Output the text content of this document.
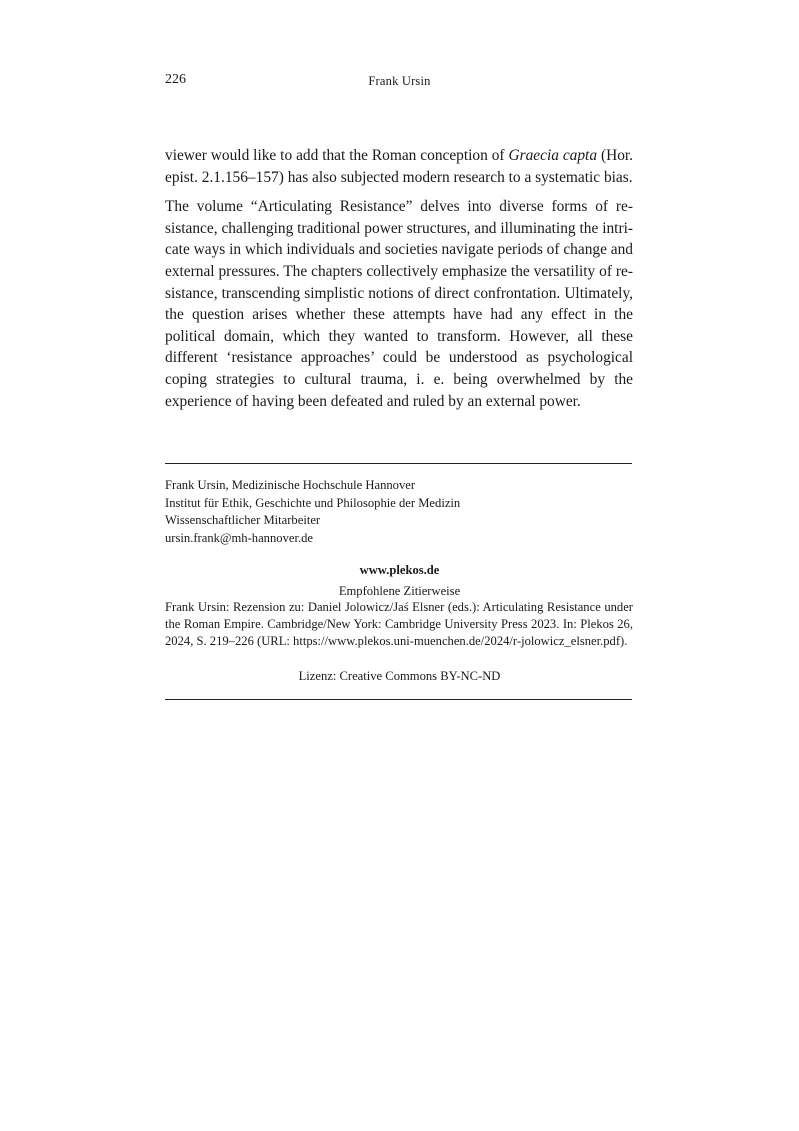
226	Frank Ursin

viewer would like to add that the Roman conception of Graecia capta (Hor. epist. 2.1.156–157) has also subjected modern research to a systematic bias.

The volume “Articulating Resistance” delves into diverse forms of resistance, challenging traditional power structures, and illuminating the intricate ways in which individuals and societies navigate periods of change and external pressures. The chapters collectively emphasize the versatility of resistance, transcending simplistic notions of direct confrontation. Ultimately, the question arises whether these attempts have had any effect in the political domain, which they wanted to transform. However, all these different ‘resistance approaches’ could be understood as psychological coping strategies to cultural trauma, i. e. being overwhelmed by the experience of having been defeated and ruled by an external power.

Frank Ursin, Medizinische Hochschule Hannover
Institut für Ethik, Geschichte und Philosophie der Medizin
Wissenschaftlicher Mitarbeiter
ursin.frank@mh-hannover.de
www.plekos.de
Empfohlene Zitierweise
Frank Ursin: Rezension zu: Daniel Jolowicz/Jaś Elsner (eds.): Articulating Resistance under the Roman Empire. Cambridge/New York: Cambridge University Press 2023. In: Plekos 26, 2024, S. 219–226 (URL: https://www.plekos.uni-muenchen.de/2024/r-jolowicz_elsner.pdf).
Lizenz: Creative Commons BY-NC-ND
